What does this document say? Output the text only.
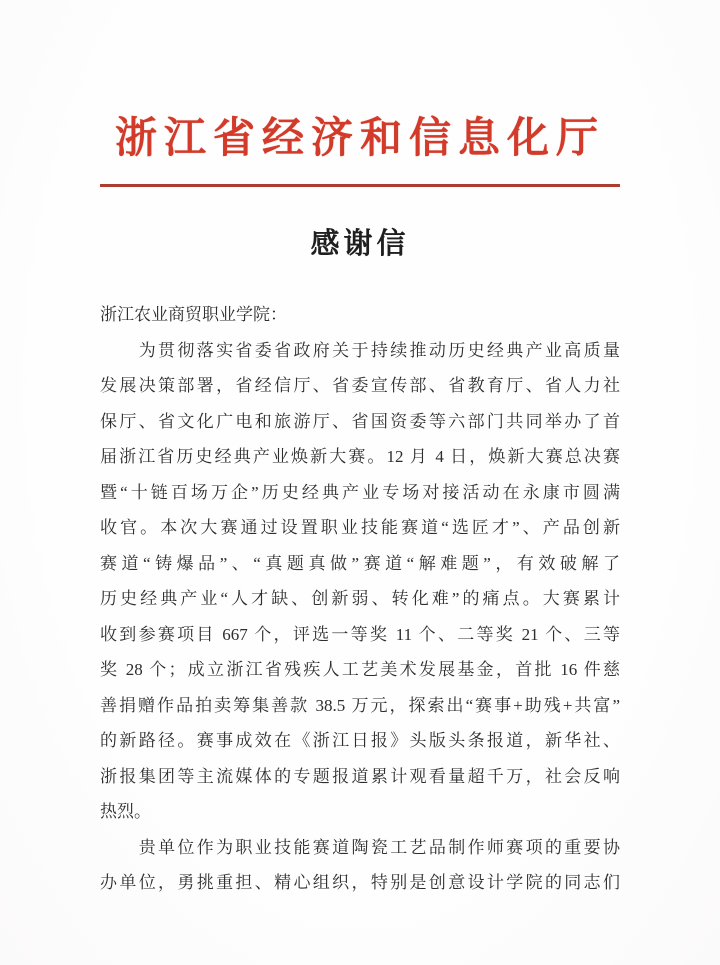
浙江省经济和信息化厅
感谢信
浙江农业商贸职业学院：
　　为贯彻落实省委省政府关于持续推动历史经典产业高质量
发展决策部署，省经信厅、省委宣传部、省教育厅、省人力社
保厅、省文化广电和旅游厅、省国资委等六部门共同举办了首
届浙江省历史经典产业焕新大赛。12 月 4 日，焕新大赛总决赛
暨“十链百场万企”历史经典产业专场对接活动在永康市圆满
收官。本次大赛通过设置职业技能赛道“选匠才”、产品创新
赛道“铸爆品”、“真题真做”赛道“解难题”，有效破解了
历史经典产业“人才缺、创新弱、转化难”的痛点。大赛累计
收到参赛项目 667 个，评选一等奖 11 个、二等奖 21 个、三等
奖 28 个；成立浙江省残疾人工艺美术发展基金，首批 16 件慈
善捐赠作品拍卖筹集善款 38.5 万元，探索出“赛事+助残+共富”
的新路径。赛事成效在《浙江日报》头版头条报道，新华社、
浙报集团等主流媒体的专题报道累计观看量超千万，社会反响
热烈。
　　贵单位作为职业技能赛道陶瓷工艺品制作师赛项的重要协
办单位，勇挑重担、精心组织，特别是创意设计学院的同志们
